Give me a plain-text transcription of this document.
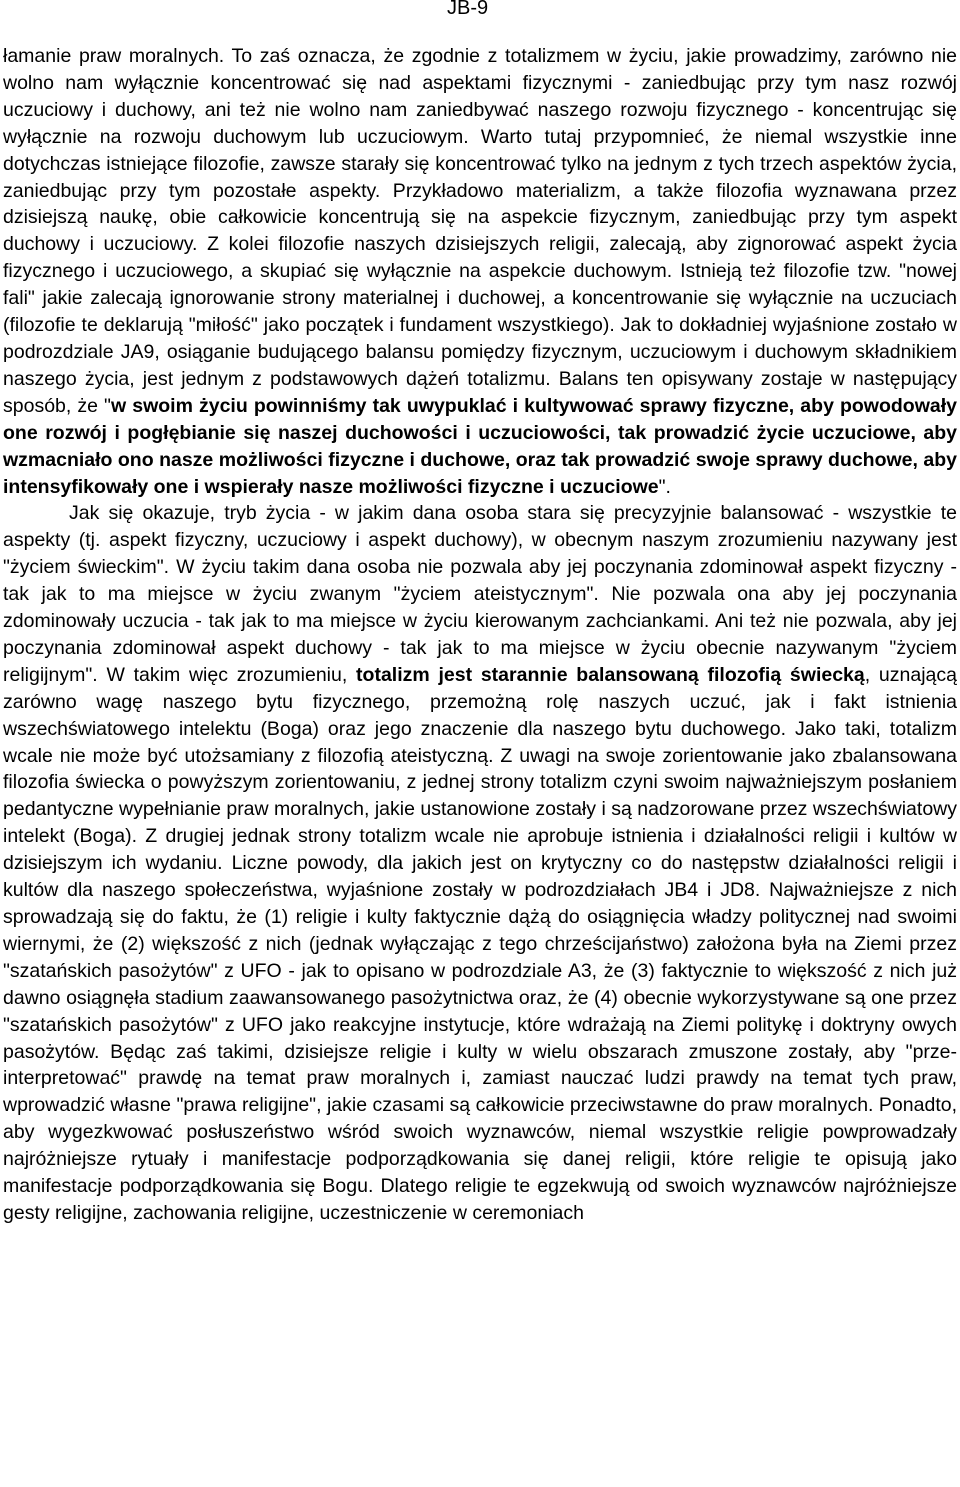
JB-9

łamanie praw moralnych. To zaś oznacza, że zgodnie z totalizmem w życiu, jakie prowadzimy, zarówno nie wolno nam wyłącznie koncentrować się nad aspektami fizycznymi - zaniedbując przy tym nasz rozwój uczuciowy i duchowy, ani też nie wolno nam zaniedbywać naszego rozwoju fizycznego - koncentrując się wyłącznie na rozwoju duchowym lub uczuciowym. Warto tutaj przypomnieć, że niemal wszystkie inne dotychczas istniejące filozofie, zawsze starały się koncentrować tylko na jednym z tych trzech aspektów życia, zaniedbując przy tym pozostałe aspekty. Przykładowo materializm, a także filozofia wyznawana przez dzisiejszą naukę, obie całkowicie koncentrują się na aspekcie fizycznym, zaniedbując przy tym aspekt duchowy i uczuciowy. Z kolei filozofie naszych dzisiejszych religii, zalecają, aby zignorować aspekt życia fizycznego i uczuciowego, a skupiać się wyłącznie na aspekcie duchowym. Istnieją też filozofie tzw. "nowej fali" jakie zalecają ignorowanie strony materialnej i duchowej, a koncentrowanie się wyłącznie na uczuciach (filozofie te deklarują "miłość" jako początek i fundament wszystkiego). Jak to dokładniej wyjaśnione zostało w podrozdziale JA9, osiąganie budującego balansu pomiędzy fizycznym, uczuciowym i duchowym składnikiem naszego życia, jest jednym z podstawowych dążeń totalizmu. Balans ten opisywany zostaje w następujący sposób, że "w swoim życiu powinniśmy tak uwypuklać i kultywować sprawy fizyczne, aby powodowały one rozwój i pogłębianie się naszej duchowości i uczuciowości, tak prowadzić życie uczuciowe, aby wzmacniało ono nasze możliwości fizyczne i duchowe, oraz tak prowadzić swoje sprawy duchowe, aby intensyfikowały one i wspierały nasze możliwości fizyczne i uczuciowe".

Jak się okazuje, tryb życia - w jakim dana osoba stara się precyzyjnie balansować - wszystkie te aspekty (tj. aspekt fizyczny, uczuciowy i aspekt duchowy), w obecnym naszym zrozumieniu nazywany jest "życiem świeckim". W życiu takim dana osoba nie pozwala aby jej poczynania zdominował aspekt fizyczny - tak jak to ma miejsce w życiu zwanym "życiem ateistycznym". Nie pozwala ona aby jej poczynania zdominowały uczucia - tak jak to ma miejsce w życiu kierowanym zachciankami. Ani też nie pozwala, aby jej poczynania zdominował aspekt duchowy - tak jak to ma miejsce w życiu obecnie nazywanym "życiem religijnym". W takim więc zrozumieniu, totalizm jest starannie balansowaną filozofią świecką, uznającą zarówno wagę naszego bytu fizycznego, przemożną rolę naszych uczuć, jak i fakt istnienia wszechświatowego intelektu (Boga) oraz jego znaczenie dla naszego bytu duchowego. Jako taki, totalizm wcale nie może być utożsamiany z filozofią ateistyczną. Z uwagi na swoje zorientowanie jako zbalansowana filozofia świecka o powyższym zorientowaniu, z jednej strony totalizm czyni swoim najważniejszym posłaniem pedantyczne wypełnianie praw moralnych, jakie ustanowione zostały i są nadzorowane przez wszechświatowy intelekt (Boga). Z drugiej jednak strony totalizm wcale nie aprobuje istnienia i działalności religii i kultów w dzisiejszym ich wydaniu. Liczne powody, dla jakich jest on krytyczny co do następstw działalności religii i kultów dla naszego społeczeństwa, wyjaśnione zostały w podrozdziałach JB4 i JD8. Najważniejsze z nich sprowadzają się do faktu, że (1) religie i kulty faktycznie dążą do osiągnięcia władzy politycznej nad swoimi wiernymi, że (2) większość z nich (jednak wyłączając z tego chrześcijaństwo) założona była na Ziemi przez "szatańskich pasożytów" z UFO - jak to opisano w podrozdziale A3, że (3) faktycznie to większość z nich już dawno osiągnęła stadium zaawansowanego pasożytnictwa oraz, że (4) obecnie wykorzystywane są one przez "szatańskich pasożytów" z UFO jako reakcyjne instytucje, które wdrażają na Ziemi politykę i doktryny owych pasożytów. Będąc zaś takimi, dzisiejsze religie i kulty w wielu obszarach zmuszone zostały, aby "prze-interpretować" prawdę na temat praw moralnych i, zamiast nauczać ludzi prawdy na temat tych praw, wprowadzić własne "prawa religijne", jakie czasami są całkowicie przeciwstawne do praw moralnych. Ponadto, aby wygezkwować posłuszeństwo wśród swoich wyznawców, niemal wszystkie religie powprowadzały najróżniejsze rytuały i manifestacje podporządkowania się danej religii, które religie te opisują jako manifestacje podporządkowania się Bogu. Dlatego religie te egzekwują od swoich wyznawców najróżniejsze gesty religijne, zachowania religijne, uczestniczenie w ceremoniach
